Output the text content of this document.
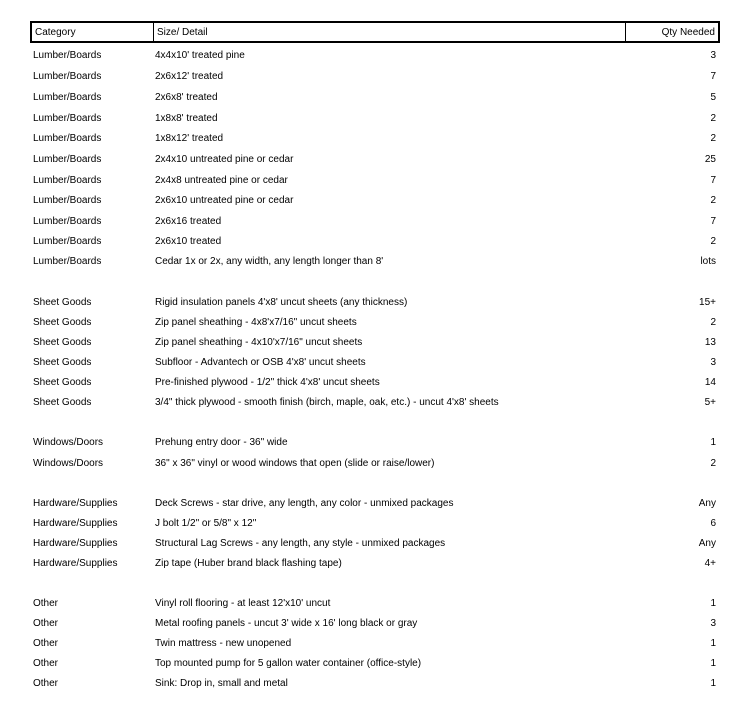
Category	Size/ Detail	Qty Needed
Lumber/Boards	4x4x10' treated pine	3
Lumber/Boards	2x6x12' treated	7
Lumber/Boards	2x6x8' treated	5
Lumber/Boards	1x8x8' treated	2
Lumber/Boards	1x8x12' treated	2
Lumber/Boards	2x4x10 untreated pine or cedar	25
Lumber/Boards	2x4x8 untreated pine or cedar	7
Lumber/Boards	2x6x10 untreated pine or cedar	2
Lumber/Boards	2x6x16 treated	7
Lumber/Boards	2x6x10 treated	2
Lumber/Boards	Cedar 1x or 2x, any width, any length longer than 8'	lots
Sheet Goods	Rigid insulation panels 4'x8' uncut sheets (any thickness)	15+
Sheet Goods	Zip panel sheathing - 4x8'x7/16" uncut sheets	2
Sheet Goods	Zip panel sheathing - 4x10'x7/16" uncut sheets	13
Sheet Goods	Subfloor - Advantech or OSB 4'x8' uncut sheets	3
Sheet Goods	Pre-finished plywood - 1/2" thick 4'x8' uncut sheets	14
Sheet Goods	3/4" thick plywood - smooth finish (birch, maple, oak, etc.) - uncut 4'x8' sheets	5+
Windows/Doors	Prehung entry door - 36" wide	1
Windows/Doors	36" x 36" vinyl or wood windows that open (slide or raise/lower)	2
Hardware/Supplies	Deck Screws - star drive, any length, any color - unmixed packages	Any
Hardware/Supplies	J bolt 1/2" or 5/8" x 12"	6
Hardware/Supplies	Structural Lag Screws - any length, any style - unmixed packages	Any
Hardware/Supplies	Zip tape (Huber brand black flashing tape)	4+
Other	Vinyl roll flooring - at least 12'x10' uncut	1
Other	Metal roofing panels - uncut 3' wide x 16' long black or gray	3
Other	Twin mattress - new unopened	1
Other	Top mounted pump for 5 gallon water container (office-style)	1
Other	Sink: Drop in, small and metal	1
